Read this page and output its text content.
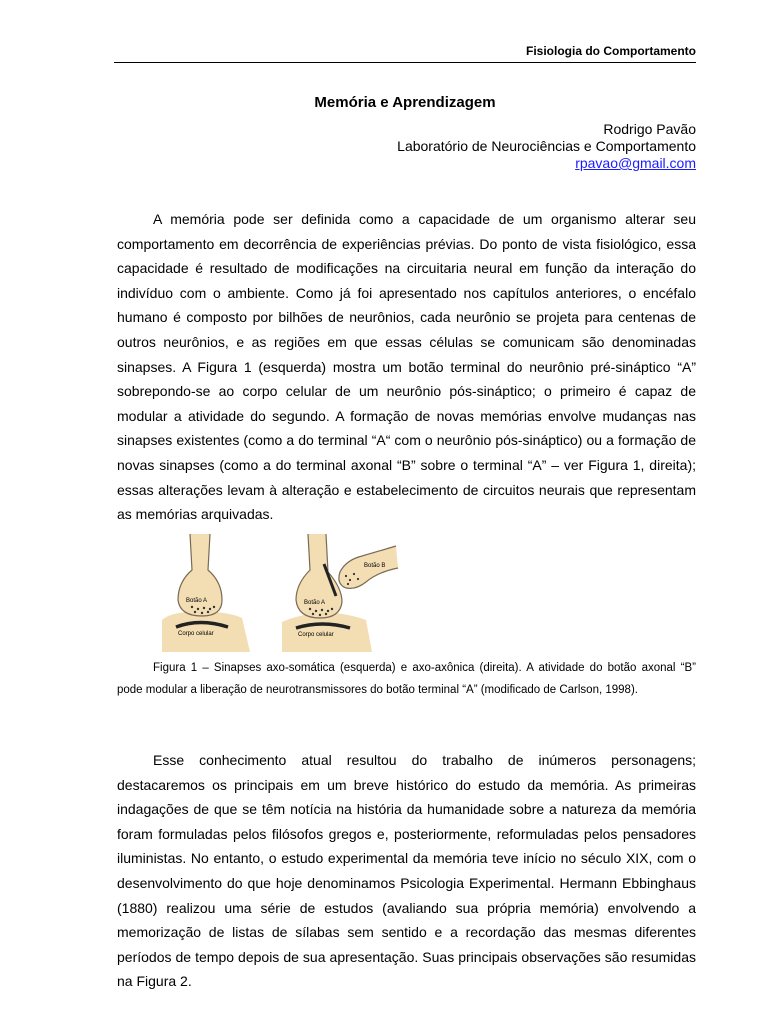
Fisiologia do Comportamento
Memória e Aprendizagem
Rodrigo Pavão
Laboratório de Neurociências e Comportamento
rpavao@gmail.com

A memória pode ser definida como a capacidade de um organismo alterar seu comportamento em decorrência de experiências prévias. Do ponto de vista fisiológico, essa capacidade é resultado de modificações na circuitaria neural em função da interação do indivíduo com o ambiente. Como já foi apresentado nos capítulos anteriores, o encéfalo humano é composto por bilhões de neurônios, cada neurônio se projeta para centenas de outros neurônios, e as regiões em que essas células se comunicam são denominadas sinapses. A Figura 1 (esquerda) mostra um botão terminal do neurônio pré-sináptico “A” sobrepondo-se ao corpo celular de um neurônio pós-sináptico; o primeiro é capaz de modular a atividade do segundo. A formação de novas memórias envolve mudanças nas sinapses existentes (como a do terminal “A“ com o neurônio pós-sináptico) ou a formação de novas sinapses (como a do terminal axonal “B” sobre o terminal “A” – ver Figura 1, direita); essas alterações levam à alteração e estabelecimento de circuitos neurais que representam as memórias arquivadas.

Botão A
Corpo celular
Botão A
Botão B
Corpo celular

Figura 1 – Sinapses axo-somática (esquerda) e axo-axônica (direita). A atividade do botão axonal “B” pode modular a liberação de neurotransmissores do botão terminal “A” (modificado de Carlson, 1998).

Esse conhecimento atual resultou do trabalho de inúmeros personagens; destacaremos os principais em um breve histórico do estudo da memória. As primeiras indagações de que se têm notícia na história da humanidade sobre a natureza da memória foram formuladas pelos filósofos gregos e, posteriormente, reformuladas pelos pensadores iluministas. No entanto, o estudo experimental da memória teve início no século XIX, com o desenvolvimento do que hoje denominamos Psicologia Experimental. Hermann Ebbinghaus (1880) realizou uma série de estudos (avaliando sua própria memória) envolvendo a memorização de listas de sílabas sem sentido e a recordação das mesmas diferentes períodos de tempo depois de sua apresentação. Suas principais observações são resumidas na Figura 2.
